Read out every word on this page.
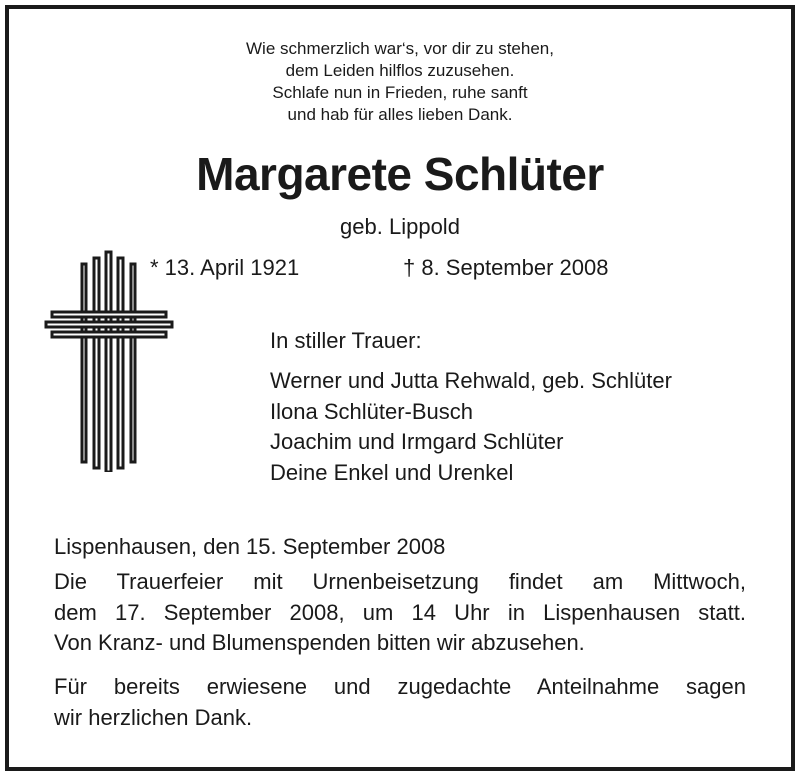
Wie schmerzlich war‘s, vor dir zu stehen,
dem Leiden hilflos zuzusehen.
Schlafe nun in Frieden, ruhe sanft
und hab für alles lieben Dank.
Margarete Schlüter
geb. Lippold
* 13. April 1921	† 8. September 2008
In stiller Trauer:
Werner und Jutta Rehwald, geb. Schlüter
Ilona Schlüter-Busch
Joachim und Irmgard Schlüter
Deine Enkel und Urenkel
Lispenhausen, den 15. September 2008
Die Trauerfeier mit Urnenbeisetzung findet am Mittwoch,
dem 17. September 2008, um 14 Uhr in Lispenhausen statt.
Von Kranz- und Blumenspenden bitten wir abzusehen.
Für bereits erwiesene und zugedachte Anteilnahme sagen
wir herzlichen Dank.
